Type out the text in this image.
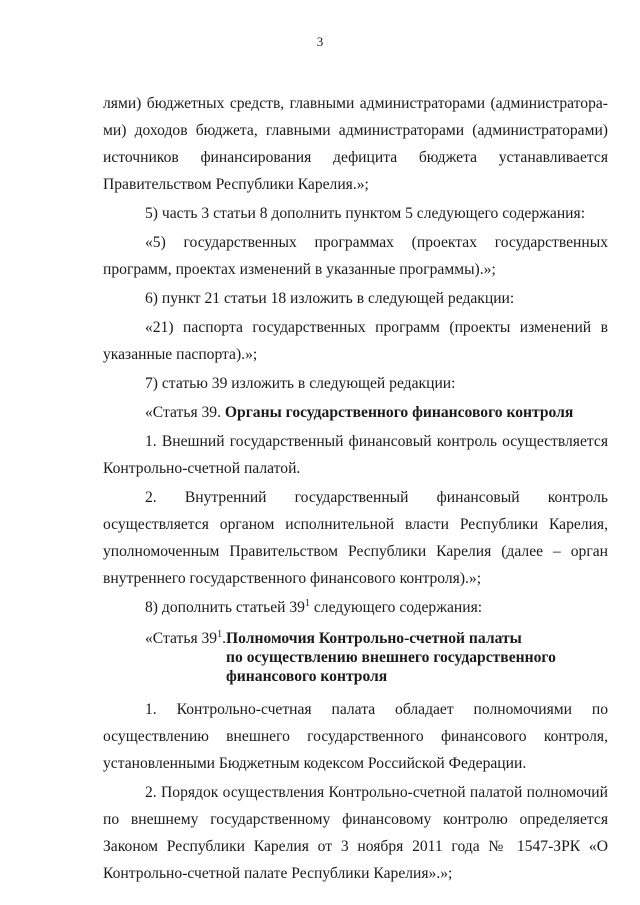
3

лями) бюджетных средств, главными администраторами (администратора-ми) доходов бюджета, главными администраторами (администраторами) источников финансирования дефицита бюджета устанавливается Правительством Республики Карелия.»;

5) часть 3 статьи 8 дополнить пунктом 5 следующего содержания:

«5) государственных программах (проектах государственных программ, проектах изменений в указанные программы).»;

6) пункт 21 статьи 18 изложить в следующей редакции:

«21) паспорта государственных программ (проекты изменений в указанные паспорта).»;

7) статью 39 изложить в следующей редакции:

«Статья 39. Органы государственного финансового контроля

1. Внешний государственный финансовый контроль осуществляется Контрольно-счетной палатой.

2. Внутренний государственный финансовый контроль осуществляется органом исполнительной власти Республики Карелия, уполномоченным Правительством Республики Карелия (далее – орган внутреннего государственного финансового контроля).»;

8) дополнить статьей $39^1$ следующего содержания:

«Статья $39^1$. Полномочия Контрольно-счетной палаты
по осуществлению внешнего государственного
финансового контроля

1. Контрольно-счетная палата обладает полномочиями по осуществлению внешнего государственного финансового контроля, установленными Бюджетным кодексом Российской Федерации.

2. Порядок осуществления Контрольно-счетной палатой полномочий по внешнему государственному финансовому контролю определяется Законом Республики Карелия от 3 ноября 2011 года № 1547-ЗРК «О Контрольно-счетной палате Республики Карелия».»;
